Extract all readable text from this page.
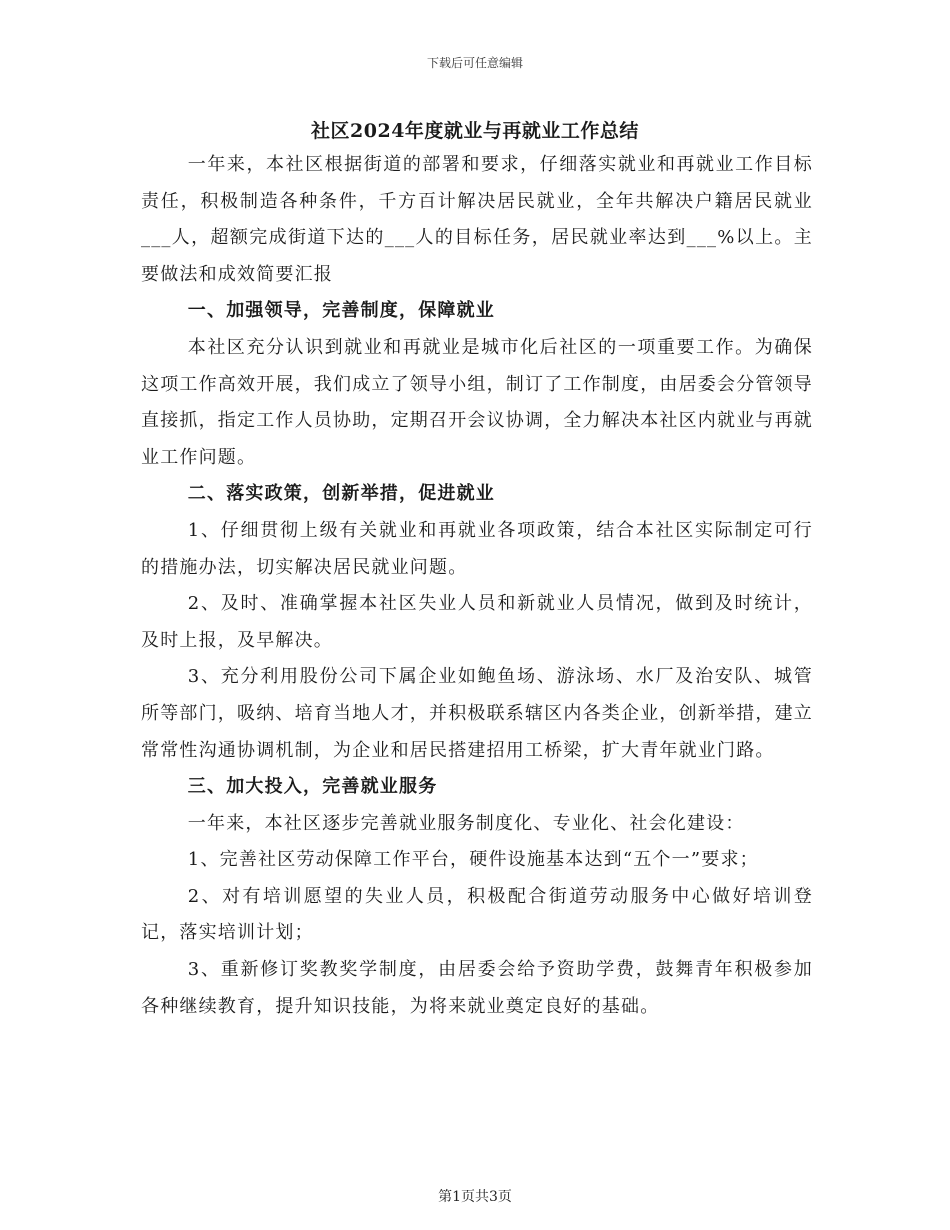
下载后可任意编辑
社区2024年度就业与再就业工作总结

一年来，本社区根据街道的部署和要求，仔细落实就业和再就业工作目标责任，积极制造各种条件，千方百计解决居民就业，全年共解决户籍居民就业___人，超额完成街道下达的___人的目标任务，居民就业率达到___%以上。主要做法和成效简要汇报

一、加强领导，完善制度，保障就业

本社区充分认识到就业和再就业是城市化后社区的一项重要工作。为确保这项工作高效开展，我们成立了领导小组，制订了工作制度，由居委会分管领导直接抓，指定工作人员协助，定期召开会议协调，全力解决本社区内就业与再就业工作问题。

二、落实政策，创新举措，促进就业

1、仔细贯彻上级有关就业和再就业各项政策，结合本社区实际制定可行的措施办法，切实解决居民就业问题。

2、及时、准确掌握本社区失业人员和新就业人员情况，做到及时统计，及时上报，及早解决。

3、充分利用股份公司下属企业如鲍鱼场、游泳场、水厂及治安队、城管所等部门，吸纳、培育当地人才，并积极联系辖区内各类企业，创新举措，建立常常性沟通协调机制，为企业和居民搭建招用工桥梁，扩大青年就业门路。

三、加大投入，完善就业服务

一年来，本社区逐步完善就业服务制度化、专业化、社会化建设：

1、完善社区劳动保障工作平台，硬件设施基本达到“五个一”要求；

2、对有培训愿望的失业人员，积极配合街道劳动服务中心做好培训登记，落实培训计划；

3、重新修订奖教奖学制度，由居委会给予资助学费，鼓舞青年积极参加各种继续教育，提升知识技能，为将来就业奠定良好的基础。

第1页共3页
